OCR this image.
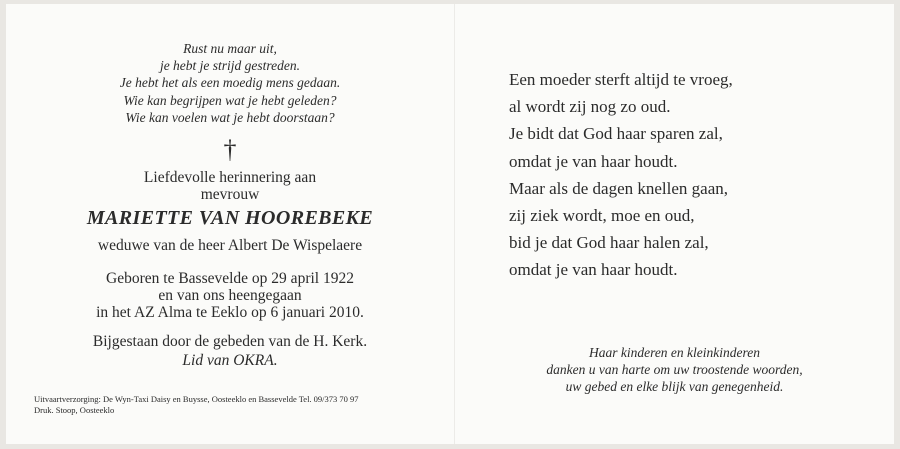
Rust nu maar uit,
je hebt je strijd gestreden.
Je hebt het als een moedig mens gedaan.
Wie kan begrijpen wat je hebt geleden?
Wie kan voelen wat je hebt doorstaan?
†
Liefdevolle herinnering aan
mevrouw
MARIETTE VAN HOOREBEKE
weduwe van de heer Albert De Wispelaere
Geboren te Bassevelde op 29 april 1922
en van ons heengegaan
in het AZ Alma te Eeklo op 6 januari 2010.
Bijgestaan door de gebeden van de H. Kerk.
Lid van OKRA.
Uitvaartverzorging: De Wyn-Taxi Daisy en Buysse, Oosteeklo en Bassevelde Tel. 09/373 70 97
Druk. Stoop, Oosteeklo
Een moeder sterft altijd te vroeg,
al wordt zij nog zo oud.
Je bidt dat God haar sparen zal,
omdat je van haar houdt.
Maar als de dagen knellen gaan,
zij ziek wordt, moe en oud,
bid je dat God haar halen zal,
omdat je van haar houdt.
Haar kinderen en kleinkinderen
danken u van harte om uw troostende woorden,
uw gebed en elke blijk van genegenheid.
